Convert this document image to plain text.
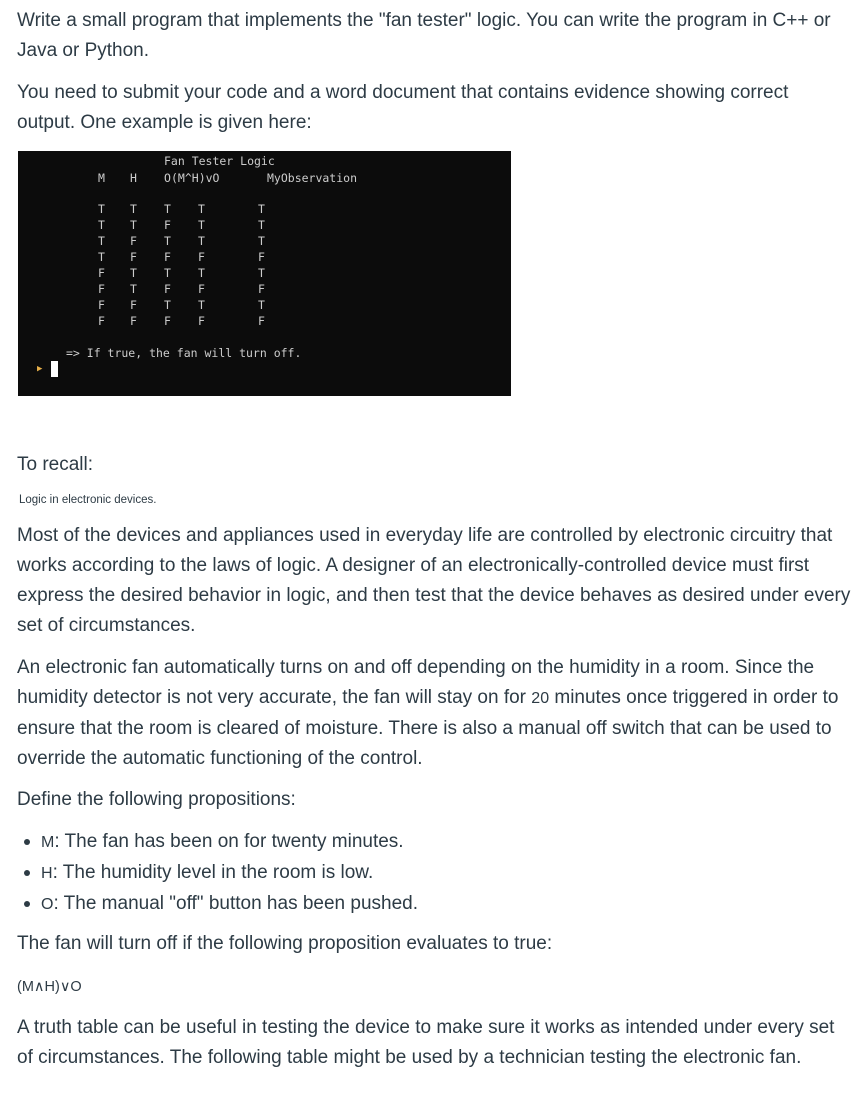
Write a small program that implements the "fan tester" logic. You can write the program in C++ or Java or Python.

You need to submit your code and a word document that contains evidence showing correct output. One example is given here:

Fan Tester Logic
M H O (M^H)vO	MyObservation
T T T T	T
T T F T	T
T F T T	T
T F F F	F
F T T T	T
F T F F	F
F F T T	T
F F F F	F
=> If true, the fan will turn off.
▶

To recall:

Logic in electronic devices.

Most of the devices and appliances used in everyday life are controlled by electronic circuitry that works according to the laws of logic. A designer of an electronically-controlled device must first express the desired behavior in logic, and then test that the device behaves as desired under every set of circumstances.

An electronic fan automatically turns on and off depending on the humidity in a room. Since the humidity detector is not very accurate, the fan will stay on for 20 minutes once triggered in order to ensure that the room is cleared of moisture. There is also a manual off switch that can be used to override the automatic functioning of the control.

Define the following propositions:

M: The fan has been on for twenty minutes.
H: The humidity level in the room is low.
O: The manual "off" button has been pushed.

The fan will turn off if the following proposition evaluates to true:

(M∧H)∨O

A truth table can be useful in testing the device to make sure it works as intended under every set of circumstances. The following table might be used by a technician testing the electronic fan.
